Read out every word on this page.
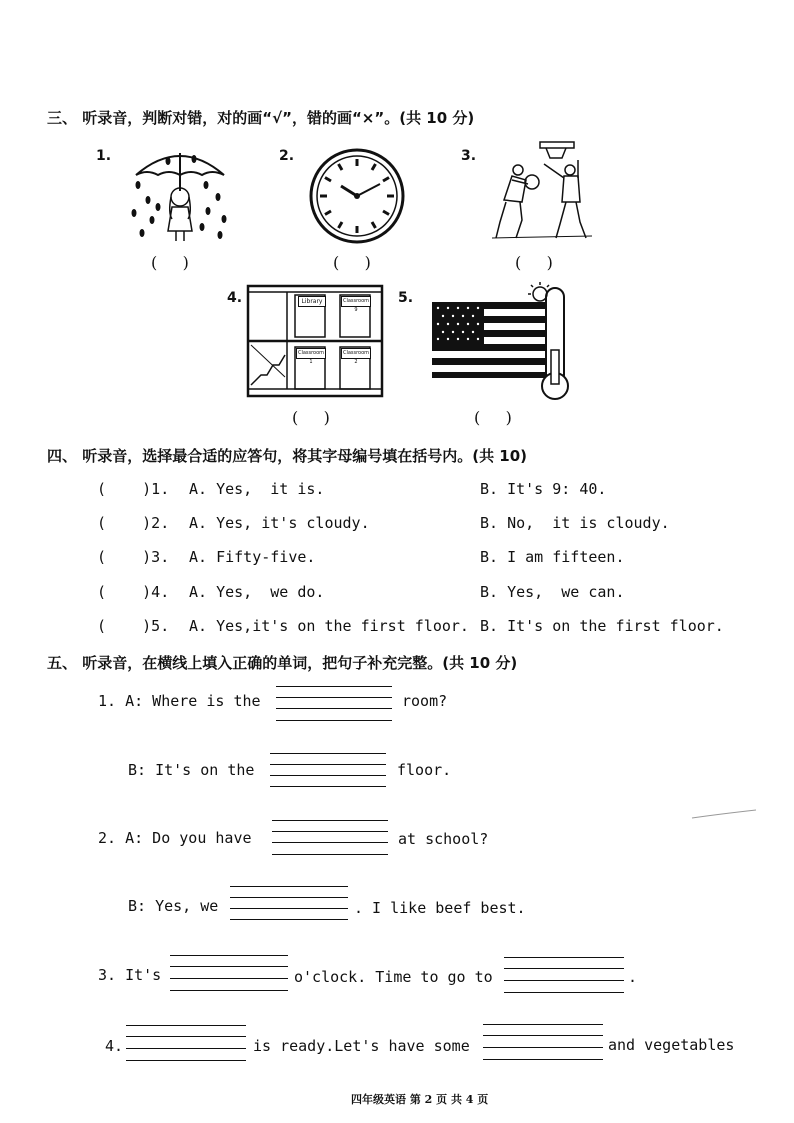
三、 听录音，判断对错，对的画“√”，错的画“×”。(共 10 分)
1.
(     )
2.
(     )
3.
(     )
4.	Library	Classroom 9
Classroom 1
Classroom 2
(     )
5.
(     )
四、 听录音，选择最合适的应答句，将其字母编号填在括号内。(共 10)
(    )1. A. Yes,  it is.	B. It's 9: 40.
(    )2. A. Yes, it's cloudy.	B. No,  it is cloudy.
(    )3. A. Fifty-five.	B. I am fifteen.
(    )4. A. Yes,  we do.	B. Yes,  we can.
(    )5. A. Yes,it's on the first floor. B. It's on the first floor.
五、 听录音，在横线上填入正确的单词，把句子补充完整。(共 10 分)
1. A: Where is the	room?
B: It's on the	floor.
2. A: Do you have	at school?
B: Yes, we	. I like beef best.
3. It's	o'clock. Time to go to	.
4.	is ready.Let's have some	and vegetables
四年级英语 第 2 页 共 4 页
